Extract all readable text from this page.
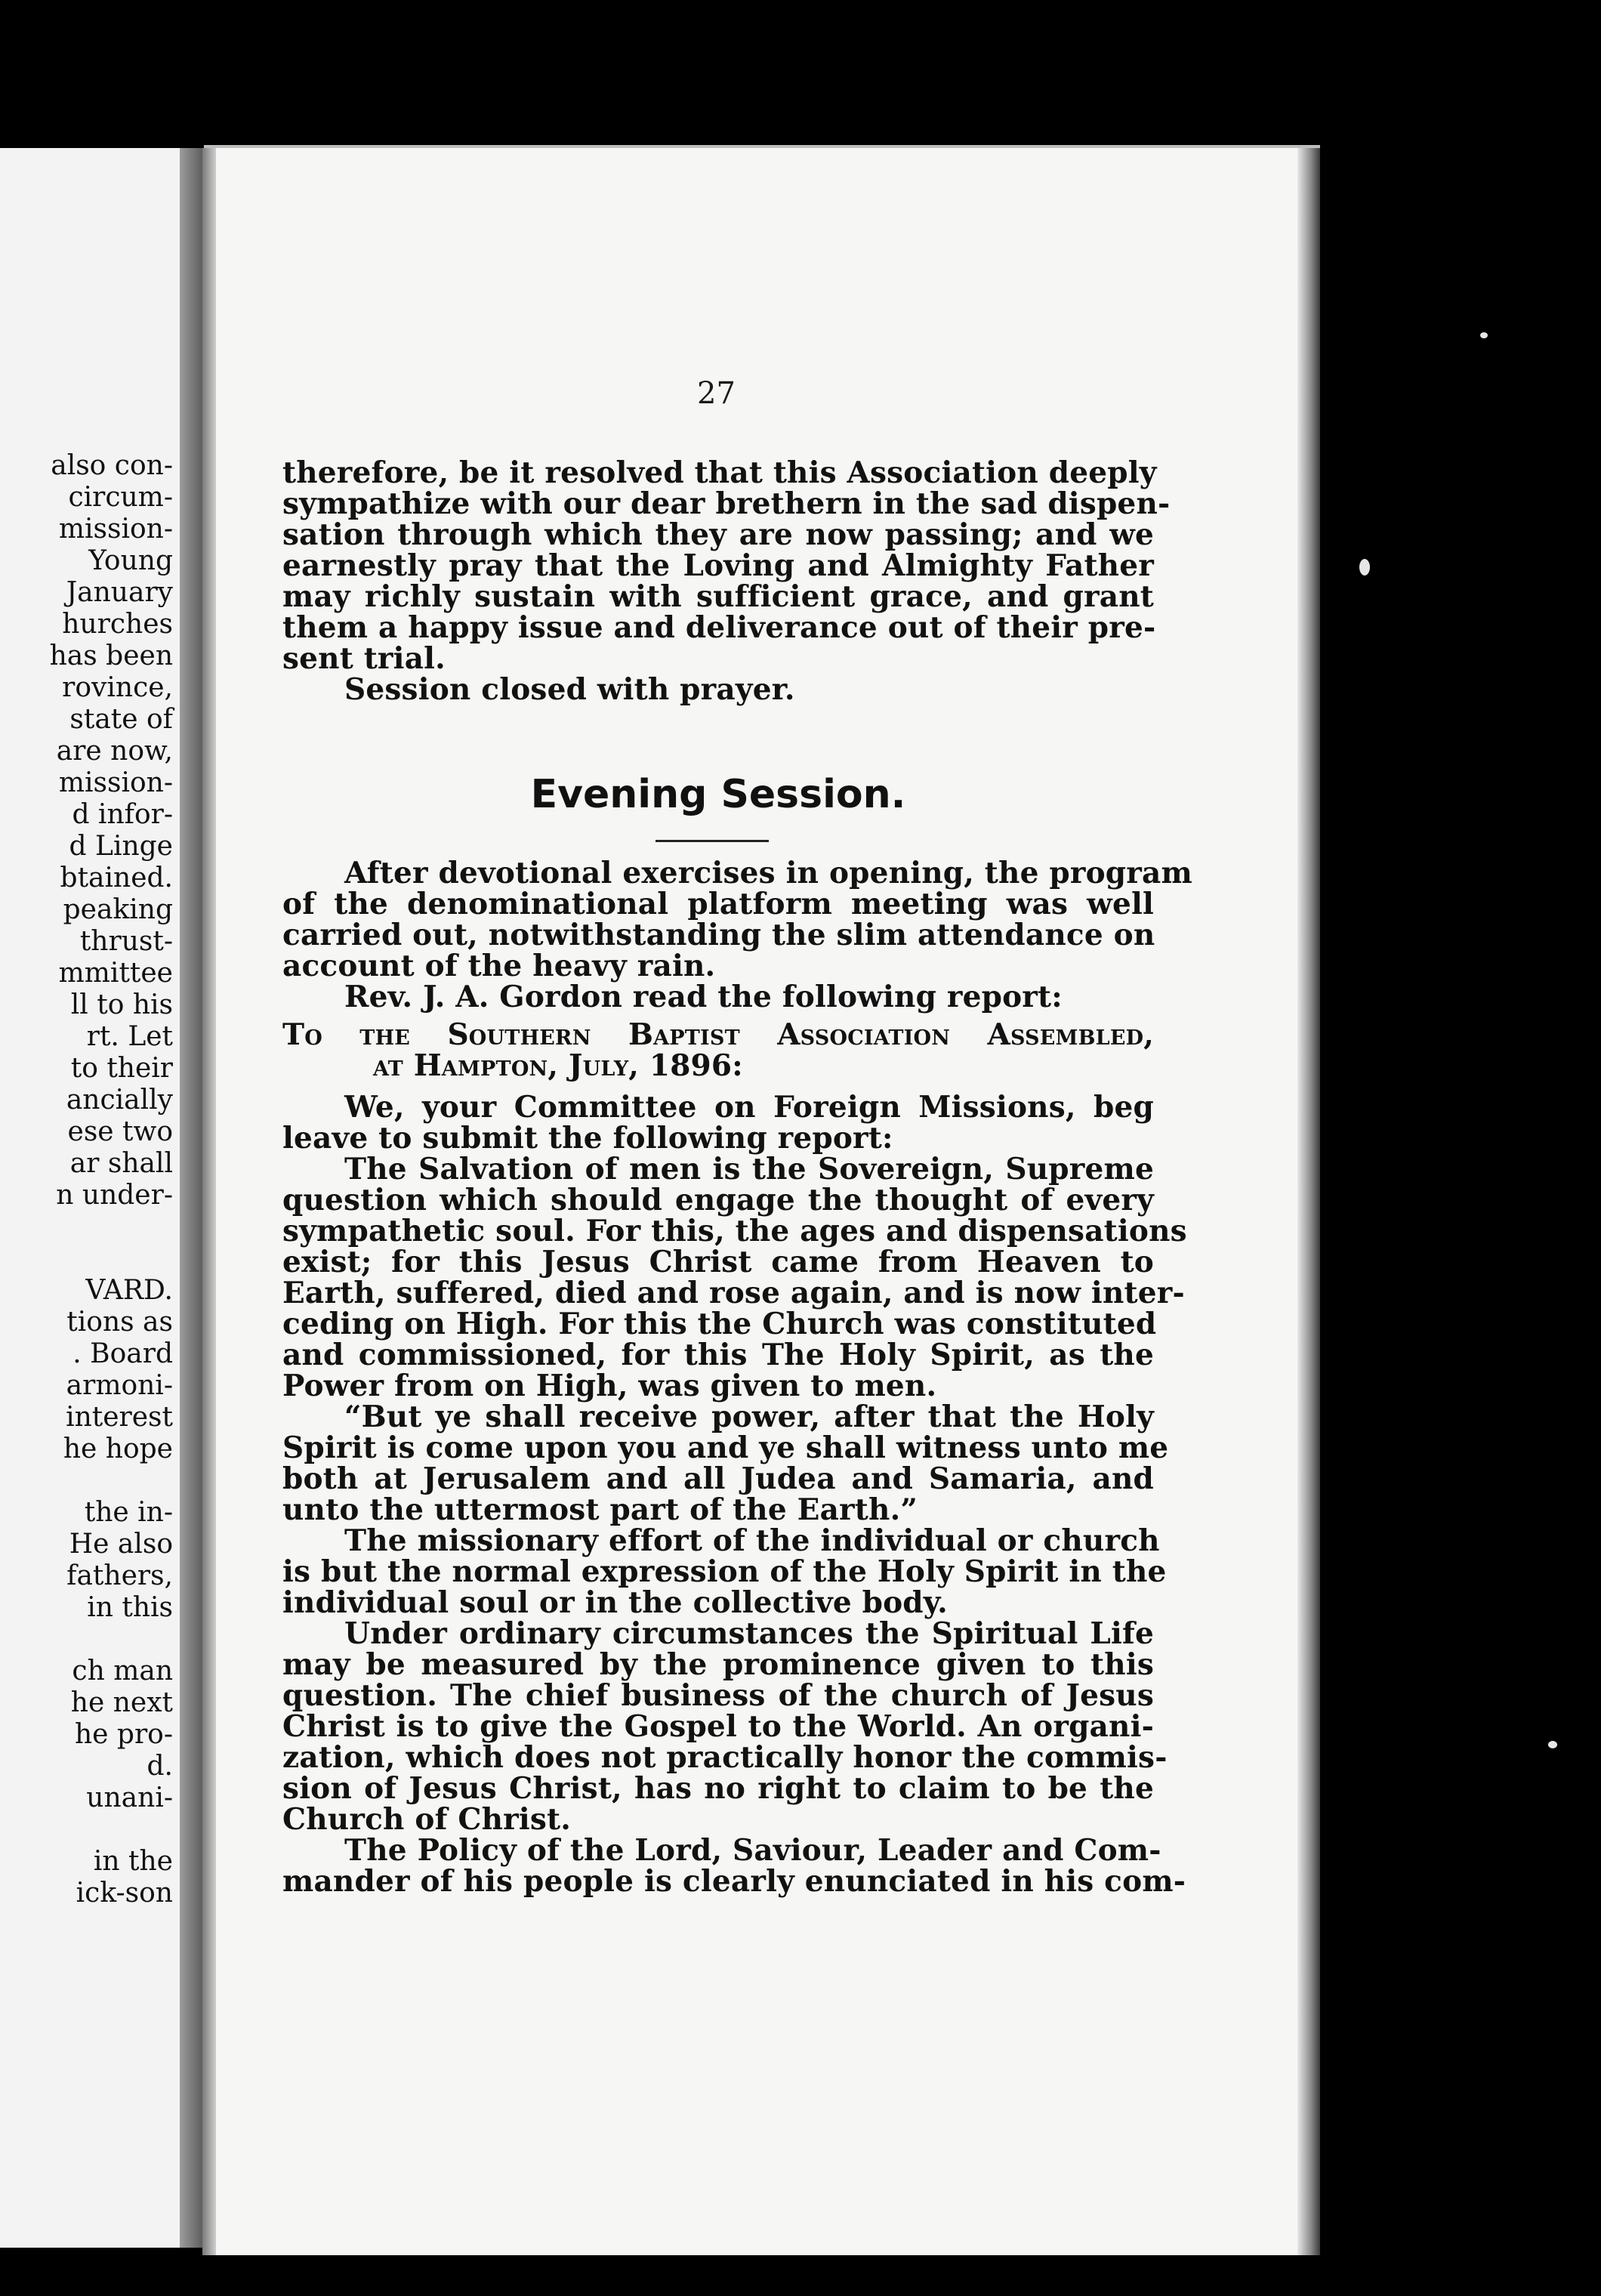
also con-
circum-
mission-
Young
January
hurches
has been
rovince,
state of
are now,
mission-
d infor-
d Linge
btained.
peaking
thrust-
mmittee
ll to his
rt. Let
to their
ancially
ese two
ar shall
n under-
VARD.
tions as
. Board
armoni-
interest
he hope
the in-
He also
fathers,
in this
ch man
he next
he pro-
d.
unani-
in the
ick-son
27
therefore, be it resolved that this Association deeply
sympathize with our dear brethern in the sad dispen-
sation through which they are now passing; and we
earnestly pray that the Loving and Almighty Father
may richly sustain with sufficient grace, and grant
them a happy issue and deliverance out of their pre-
sent trial.
Session closed with prayer.
Evening Session.
After devotional exercises in opening, the program
of the denominational platform meeting was well
carried out, notwithstanding the slim attendance on
account of the heavy rain.
Rev. J. A. Gordon read the following report:
To the Southern Baptist Association Assembled,
at Hampton, July, 1896:
We, your Committee on Foreign Missions, beg
leave to submit the following report:
The Salvation of men is the Sovereign, Supreme
question which should engage the thought of every
sympathetic soul. For this, the ages and dispensations
exist; for this Jesus Christ came from Heaven to
Earth, suffered, died and rose again, and is now inter-
ceding on High. For this the Church was constituted
and commissioned, for this The Holy Spirit, as the
Power from on High, was given to men.
“But ye shall receive power, after that the Holy
Spirit is come upon you and ye shall witness unto me
both at Jerusalem and all Judea and Samaria, and
unto the uttermost part of the Earth.”
The missionary effort of the individual or church
is but the normal expression of the Holy Spirit in the
individual soul or in the collective body.
Under ordinary circumstances the Spiritual Life
may be measured by the prominence given to this
question. The chief business of the church of Jesus
Christ is to give the Gospel to the World. An organi-
zation, which does not practically honor the commis-
sion of Jesus Christ, has no right to claim to be the
Church of Christ.
The Policy of the Lord, Saviour, Leader and Com-
mander of his people is clearly enunciated in his com-
